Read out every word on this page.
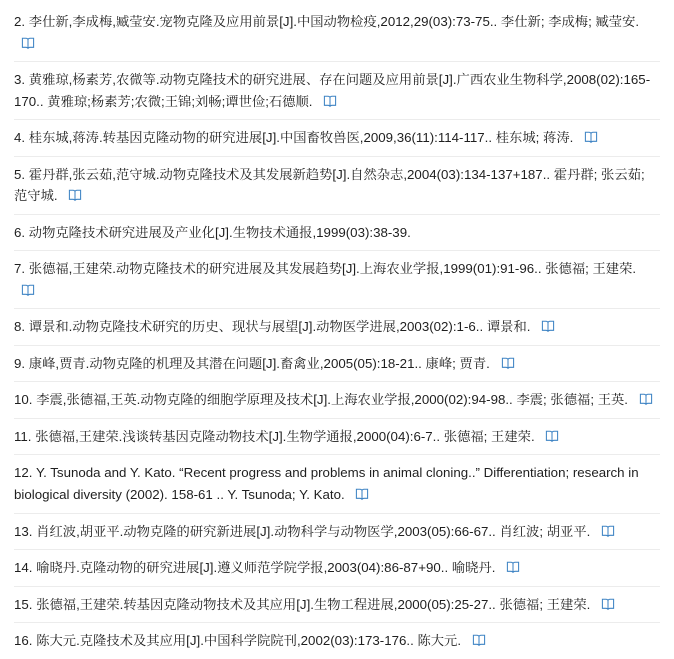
2. 李仕新,李成梅,臧莹安.宠物克隆及应用前景[J].中国动物检疫,2012,29(03):73-75.. 李仕新; 李成梅; 臧莹安.
3. 黄雅琼,杨素芳,农微等.动物克隆技术的研究进展、存在问题及应用前景[J].广西农业生物科学,2008(02):165-170.. 黄雅琼;杨素芳;农微;王锦;刘畅;谭世俭;石德顺.
4. 桂东城,蒋涛.转基因克隆动物的研究进展[J].中国畜牧兽医,2009,36(11):114-117.. 桂东城; 蒋涛.
5. 霍丹群,张云茹,范守城.动物克隆技术及其发展新趋势[J].自然杂志,2004(03):134-137+187.. 霍丹群; 张云茹; 范守城.
6. 动物克隆技术研究进展及产业化[J].生物技术通报,1999(03):38-39.
7. 张德福,王建荣.动物克隆技术的研究进展及其发展趋势[J].上海农业学报,1999(01):91-96.. 张德福; 王建荣.
8. 谭景和.动物克隆技术研究的历史、现状与展望[J].动物医学进展,2003(02):1-6.. 谭景和.
9. 康峰,贾青.动物克隆的机理及其潜在问题[J].畜禽业,2005(05):18-21.. 康峰; 贾青.
10. 李震,张德福,王英.动物克隆的细胞学原理及技术[J].上海农业学报,2000(02):94-98.. 李震; 张德福; 王英.
11. 张德福,王建荣.浅谈转基因克隆动物技术[J].生物学通报,2000(04):6-7.. 张德福; 王建荣.
12. Y. Tsunoda and Y. Kato. “Recent progress and problems in animal cloning..” Differentiation; research in biological diversity (2002). 158-61 .. Y. Tsunoda; Y. Kato.
13. 肖红波,胡亚平.动物克隆的研究新进展[J].动物科学与动物医学,2003(05):66-67.. 肖红波; 胡亚平.
14. 喻晓丹.克隆动物的研究进展[J].遵义师范学院学报,2003(04):86-87+90.. 喻晓丹.
15. 张德福,王建荣.转基因克隆动物技术及其应用[J].生物工程进展,2000(05):25-27.. 张德福; 王建荣.
16. 陈大元.克隆技术及其应用[J].中国科学院院刊,2002(03):173-176.. 陈大元.
